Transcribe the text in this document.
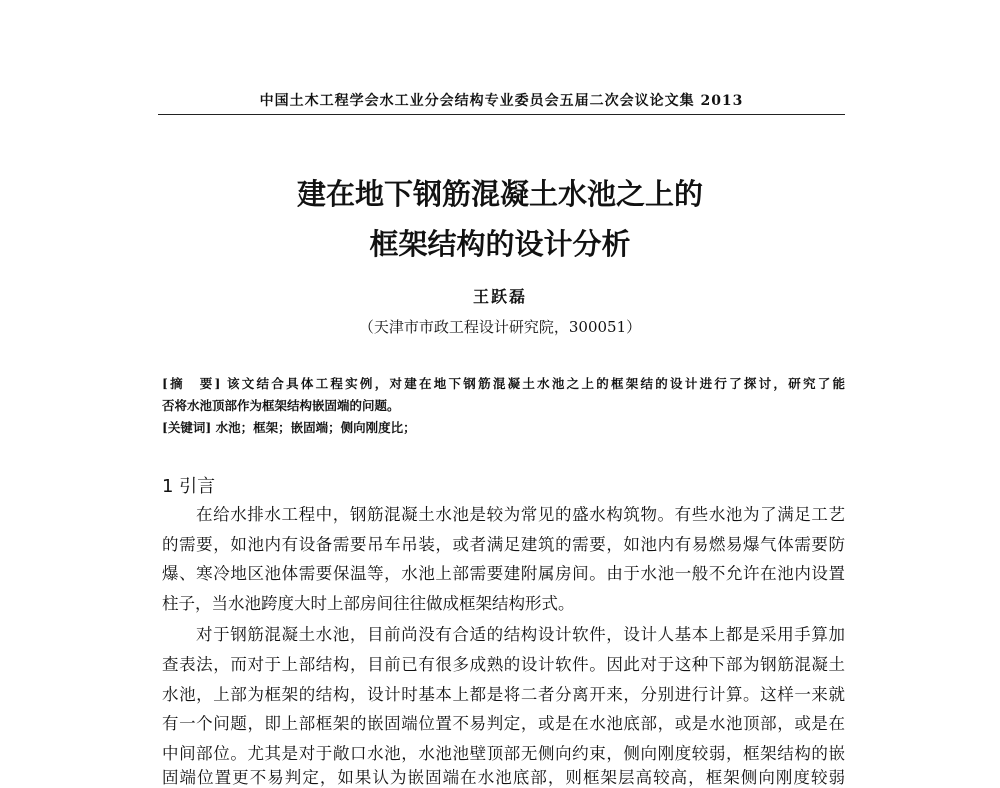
中国土木工程学会水工业分会结构专业委员会五届二次会议论文集 2013
建在地下钢筋混凝土水池之上的
框架结构的设计分析
王跃磊
（天津市市政工程设计研究院，300051）
[摘　要] 该文结合具体工程实例，对建在地下钢筋混凝土水池之上的框架结的设计进行了探讨，研究了能
否将水池顶部作为框架结构嵌固端的问题。
[关键词] 水池；框架；嵌固端；侧向刚度比；
1 引言
在给水排水工程中，钢筋混凝土水池是较为常见的盛水构筑物。有些水池为了满足工艺
的需要，如池内有设备需要吊车吊装，或者满足建筑的需要，如池内有易燃易爆气体需要防
爆、寒冷地区池体需要保温等，水池上部需要建附属房间。由于水池一般不允许在池内设置
柱子，当水池跨度大时上部房间往往做成框架结构形式。
对于钢筋混凝土水池，目前尚没有合适的结构设计软件，设计人基本上都是采用手算加
查表法，而对于上部结构，目前已有很多成熟的设计软件。因此对于这种下部为钢筋混凝土
水池，上部为框架的结构，设计时基本上都是将二者分离开来，分别进行计算。这样一来就
有一个问题，即上部框架的嵌固端位置不易判定，或是在水池底部，或是水池顶部，或是在
中间部位。尤其是对于敞口水池，水池池壁顶部无侧向约束，侧向刚度较弱，框架结构的嵌
固端位置更不易判定，如果认为嵌固端在水池底部，则框架层高较高，框架侧向刚度较弱
